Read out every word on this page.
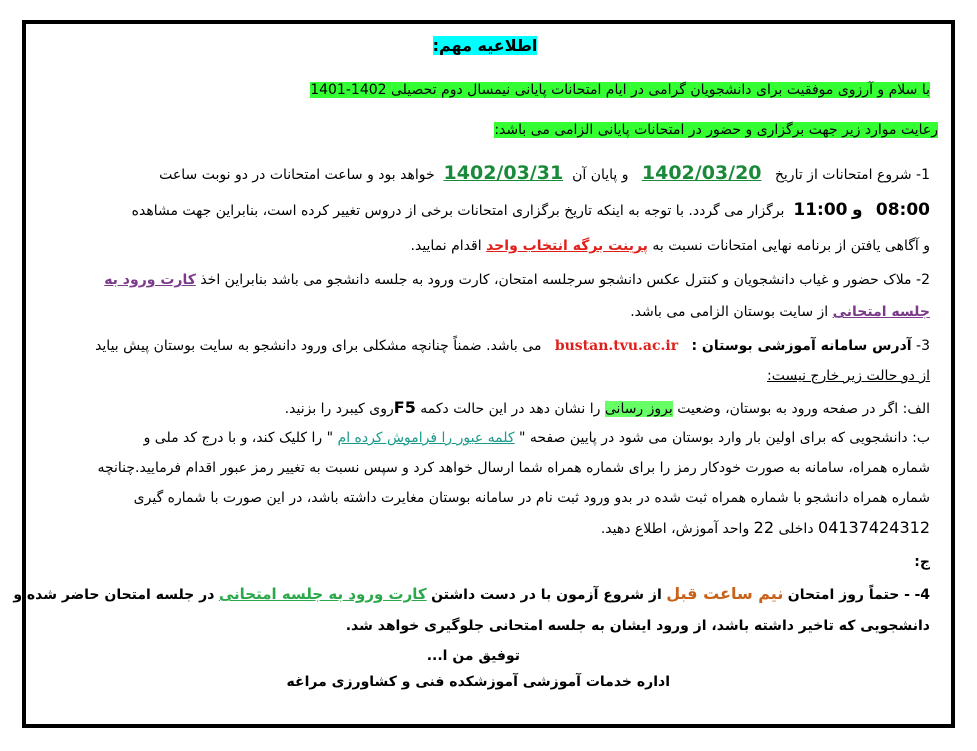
اطلاعیه مهم:
با سلام و آرزوی موفقیت برای دانشجویان گرامی در ایام امتحانات پایانی نیمسال دوم تحصیلی 1402-1401
رعایت موارد زیر جهت برگزاری و حضور در امتحانات پایانی الزامی می باشد:
1- شروع امتحانات از تاریخ   1402/03/20   و پایان آن  1402/03/31  خواهد بود و ساعت امتحانات در دو نوبت ساعت
08:00   و 11:00  برگزار می گردد. با توجه به اینکه تاریخ برگزاری امتحانات برخی از دروس تغییر کرده است، بنابراین جهت مشاهده
و آگاهی یافتن از برنامه نهایی امتحانات نسبت به پرینت برگه انتخاب واحد اقدام نمایید.
2- ملاک حضور و غیاب دانشجویان و کنترل عکس دانشجو سرجلسه امتحان، کارت ورود به جلسه دانشجو می باشد بنابراین اخذ کارت ورود به
جلسه امتحانی از سایت بوستان الزامی می باشد.
3- آدرس سامانه آموزشی بوستان :   bustan.tvu.ac.ir   می باشد. ضمناً چنانچه مشکلی برای ورود دانشجو به سایت بوستان پیش بیاید
از دو حالت زیر خارج نیست:
الف: اگر در صفحه ورود به بوستان، وضعیت بروز رسانی را نشان دهد در این حالت دکمه F5روی کیبرد را بزنید.
ب: دانشجویی که برای اولین بار وارد بوستان می شود در پایین صفحه " کلمه عبور را فراموش کرده ام " را کلیک کند، و با درج کد ملی و
شماره همراه، سامانه به صورت خودکار رمز را برای شماره همراه شما ارسال خواهد کرد و سپس نسبت به تغییر رمز عبور اقدام فرمایید.چنانچه
شماره همراه دانشجو با شماره همراه ثبت شده در بدو ورود ثبت نام در سامانه بوستان مغایرت داشته باشد، در این صورت با شماره گیری
04137424312 داخلی 22 واحد آموزش، اطلاع دهید.
ج:
4- - حتماً روز امتحان نیم ساعت قبل از شروع آزمون با در دست داشتن کارت ورود به جلسه امتحانی در جلسه امتحان حاضر شده و
دانشجویی که تاخیر داشته باشد، از ورود ایشان به جلسه امتحانی جلوگیری خواهد شد.
توفیق من ا...
اداره خدمات آموزشی آموزشکده فنی و کشاورزی مراغه
